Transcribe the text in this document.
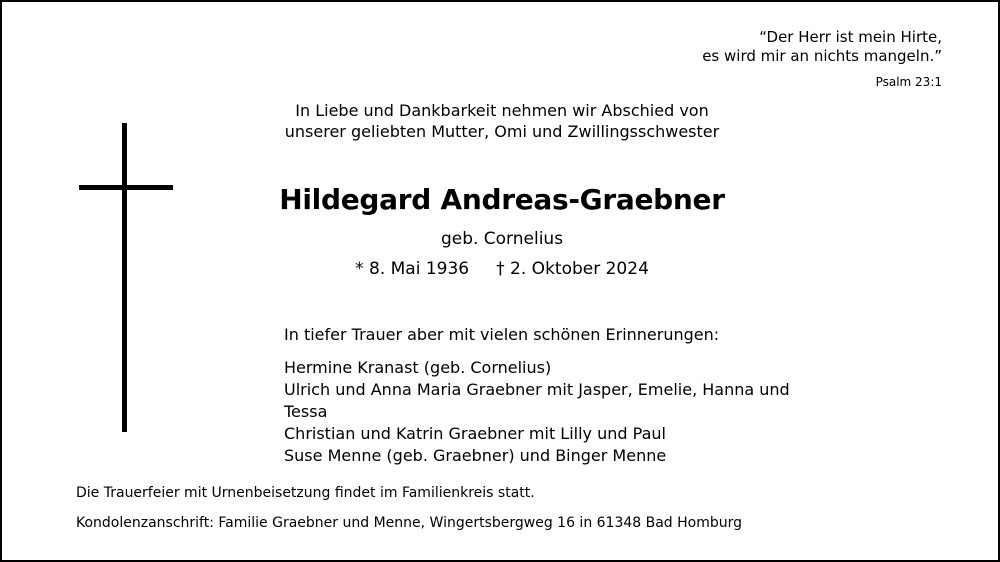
“Der Herr ist mein Hirte,
es wird mir an nichts mangeln.”
Psalm 23:1
In Liebe und Dankbarkeit nehmen wir Abschied von
unserer geliebten Mutter, Omi und Zwillingsschwester
Hildegard Andreas-Graebner
geb. Cornelius
* 8. Mai 1936 † 2. Oktober 2024
In tiefer Trauer aber mit vielen schönen Erinnerungen:
Hermine Kranast (geb. Cornelius)
Ulrich und Anna Maria Graebner mit Jasper, Emelie, Hanna und
Tessa
Christian und Katrin Graebner mit Lilly und Paul
Suse Menne (geb. Graebner) und Binger Menne
Die Trauerfeier mit Urnenbeisetzung findet im Familienkreis statt.
Kondolenzanschrift: Familie Graebner und Menne, Wingertsbergweg 16 in 61348 Bad Homburg
